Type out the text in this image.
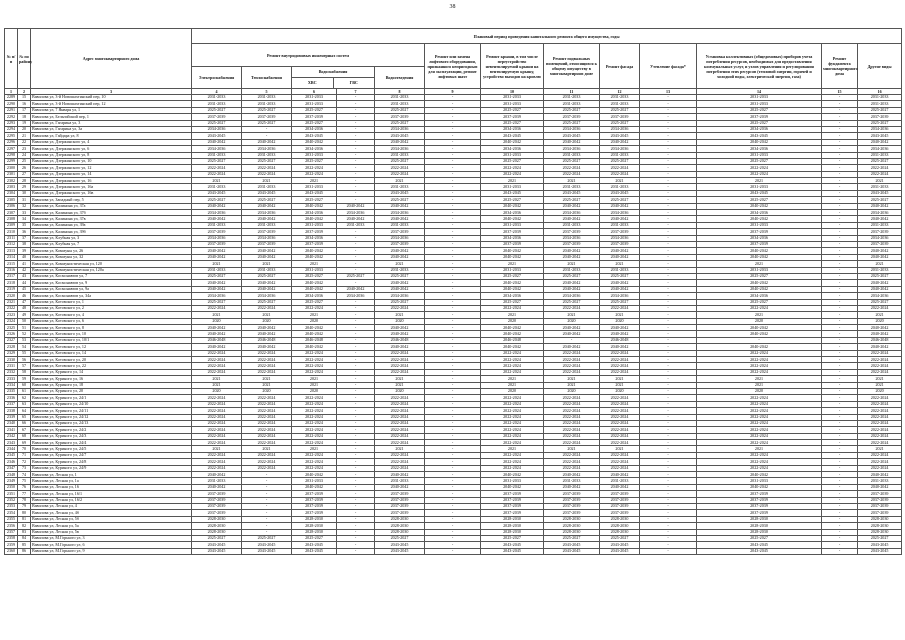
38
№ п/п	№ по району	Адрес многоквартирного дома	Плановый период проведения капитального ремонта общего имущества, годы												
			Ремонт внутридомовых инженерных систем					Ремонт или замена лифтового оборудования, признанного непригодным для эксплуатации, ремонт лифтовых шахт	Ремонт крыши, в том числе переустройство невентилируемой крыши на вентилируемую крышу, устройство выходов на кровлю	Ремонт подвальных помещений, относящихся к общему имуществу в многоквартирном доме	Ремонт фасада	Утепление фасада*	Установка коллективных (общедомовых) приборов учета потребления ресурсов, необходимых для предоставления коммунальных услуг, и узлов управления и регулирования потребления этих ресурсов (тепловой энергии, горячей и холодной воды, электрической энергии, газа)	Ремонт фундамента многоквартирного дома	Другие виды
			Электроснабжения	Теплоснабжения	Водоснабжения
ХВС ГВС		Водоотведения								
1	2	3	4	5	6	7	8	9	10	11	12	13	14	15	16
2289	15	Вавилова ул, 3-й Новошахтинский пер, 10	2031-2033	2031-2033	2031-2033	-	2031-2033	-	2031-2033	2031-2033	2031-2033	-	2031-2033	-	2031-2033
2290	16	Вавилова ул, 3-й Новошахтинский пер, 12	2031-2033	2031-2033	2031-2033	-	2031-2033	-	2031-2033	2031-2033	2031-2033	-	2031-2033	-	2031-2033
2291	17	Вавилова ул, 7 Января ул, 1	2025-2027	2025-2027	2025-2027	-	2025-2027	-	2025-2027	2025-2027	2025-2027	-	2025-2027	-	2025-2027
2292	18	Вавилова ул, Бельгийский пер, 1	2037-2039	2037-2039	2037-2039	-	2037-2039	-	2037-2039	2037-2039	2037-2039	-	2037-2039	-	2037-2039
2293	19	Вавилова ул, Гагарина ул, 3	2025-2027	2025-2027	2025-2027	-	2025-2027	-	2025-2027	2025-2027	2025-2027	-	2025-2027	-	2025-2027
2294	20	Вавилова ул, Гагарина ул, 3а	2034-2036	-	2034-2036	-	2034-2036	-	2034-2036	2034-2036	2034-2036	-	2034-2036	-	2034-2036
2295	21	Вавилова ул, Гайдара ул, 8	2043-2045	-	2043-2045	-	2043-2045	-	2043-2045	2043-2045	2043-2045	-	2043-2045	-	2043-2045
2296	22	Вавилова ул, Дзержинского ул, 4	2040-2042	2040-2042	2040-2042	-	2040-2042	-	2040-2042	2040-2042	2040-2042	-	2040-2042	-	2040-2042
2297	23	Вавилова ул, Дзержинского ул, 6	2034-2036	2034-2036	2034-2036	-	2034-2036	-	2034-2036	2034-2036	2034-2036	-	2034-2036	-	2034-2036
2298	24	Вавилова ул, Дзержинского ул, 8	2031-2033	2031-2033	2031-2033	-	2031-2033	-	2031-2033	2031-2033	2031-2033	-	2031-2033	-	2031-2033
2299	25	Вавилова ул, Дзержинского ул, 10	2025-2027	2025-2027	2025-2027	-	2025-2027	-	2025-2027	2025-2027	2025-2027	-	2025-2027	-	2025-2027
2300	26	Вавилова ул, Дзержинского ул, 12	2022-2024	2022-2024	2022-2024	-	2022-2024	-	2022-2024	2022-2024	2022-2024	-	2022-2024	-	2022-2024
2301	27	Вавилова ул, Дзержинского ул, 14	2022-2024	2022-2024	2022-2024	-	2022-2024	-	2022-2024	2022-2024	2022-2024	-	2022-2024	-	2022-2024
2302	28	Вавилова ул, Дзержинского ул, 16	2021	2021	2021	-	2021	-	2021	2021	2021	-	2021	-	2021
2303	29	Вавилова ул, Дзержинского ул, 16а	2031-2033	2031-2033	2031-2033	-	2031-2033	-	2031-2033	2031-2033	2031-2033	-	2031-2033	-	2031-2033
2304	30	Вавилова ул, Дзержинского ул, 16в	2043-2045	2043-2045	2043-2045	-	2043-2045	-	2043-2045	2043-2045	2043-2045	-	2043-2045	-	2043-2045
2305	31	Вавилова ул, Западный пер, 5	2025-2027	2025-2027	2025-2027	-	2025-2027	-	2025-2027	2025-2027	2025-2027	-	2025-2027	-	2025-2027
2306	32	Вавилова ул, Калинина ул, 37а	2040-2042	2040-2042	2040-2042	2040-2042	2040-2042	-	2040-2042	2040-2042	2040-2042	-	2040-2042	-	2040-2042
2307	33	Вавилова ул, Калинина ул, 37б	2034-2036	2034-2036	2034-2036	2034-2036	2034-2036	-	2034-2036	2034-2036	2034-2036	-	2034-2036	-	2034-2036
2308	34	Вавилова ул, Калинина ул, 37в	2040-2042	2040-2042	2040-2042	2040-2042	2040-2042	-	2040-2042	2040-2042	2040-2042	-	2040-2042	-	2040-2042
2309	35	Вавилова ул, Калинина ул, 39а	2031-2033	2031-2033	2031-2033	2031-2033	2031-2033	-	2031-2033	2031-2033	2031-2033	-	2031-2033	-	2031-2033
2310	36	Вавилова ул, Калинина ул, 39б	2037-2039	2037-2039	2037-2039	-	2037-2039	-	2037-2039	2037-2039	2037-2039	-	2037-2039	-	2037-2039
2311	37	Вавилова ул, Клубная ул, 3	2034-2036	2034-2036	2034-2036	-	2034-2036	-	2034-2036	2034-2036	2034-2036	-	2034-2036	-	2034-2036
2312	38	Вавилова ул, Клубная ул, 7	2037-2039	2037-2039	2037-2039	-	2037-2039	-	2037-2039	2037-2039	2037-2039	-	2037-2039	-	2037-2039
2313	39	Вавилова ул, Коммуны ул, 26	2040-2042	2040-2042	2040-2042	-	2040-2042	-	2040-2042	2040-2042	2040-2042	-	2040-2042	-	2040-2042
2314	40	Вавилова ул, Коммуны ул, 32	2040-2042	2040-2042	2040-2042	-	2040-2042	-	2040-2042	2040-2042	2040-2042	-	2040-2042	-	2040-2042
2315	41	Вавилова ул, Коммунистическая ул, 120	2021	2021	2021	-	2021	-	2021	2021	2021	-	2021	-	2021
2316	42	Вавилова ул, Коммунистическая ул, 120а	2031-2033	2031-2033	2031-2033	-	2031-2033	-	2031-2033	2031-2033	2031-2033	-	2031-2033	-	2031-2033
2317	43	Вавилова ул, Космонавтов ул, 7	2025-2027	2025-2027	2025-2027	2025-2027	2025-2027	-	2025-2027	2025-2027	2025-2027	-	2025-2027	-	2025-2027
2318	44	Вавилова ул, Космонавтов ул, 9	2040-2042	2040-2042	2040-2042	-	2040-2042	-	2040-2042	2040-2042	2040-2042	-	2040-2042	-	2040-2042
2319	45	Вавилова ул, Космонавтов ул, 9а	2040-2042	2040-2042	2040-2042	2040-2042	2040-2042	-	2040-2042	2040-2042	2040-2042	-	2040-2042	-	2040-2042
2320	46	Вавилова ул, Космонавтов ул, 34а	2034-2036	2034-2036	2034-2036	2034-2036	2034-2036	-	2034-2036	2034-2036	2034-2036	-	2034-2036	-	2034-2036
2321	47	Вавилова ул, Котовского ул, 1	2025-2027	2025-2027	2025-2027	-	2025-2027	-	2025-2027	2025-2027	2025-2027	-	2025-2027	-	2025-2027
2322	48	Вавилова ул, Котовского ул, 2	2022-2024	2022-2024	2022-2024	-	2022-2024	-	2022-2024	2022-2024	2022-2024	-	2022-2024	-	2022-2024
2323	49	Вавилова ул, Котовского ул, 4	2021	2021	2021	-	2021	-	2021	2021	2021	-	2021	-	2021
2324	50	Вавилова ул, Котовского ул, 6	2020	2020	2020	-	2020	-	2020	2020	2020	-	2020	-	2020
2325	51	Вавилова ул, Котовского ул, 8	2040-2042	2040-2042	2040-2042	-	2040-2042	-	2040-2042	2040-2042	2040-2042	-	2040-2042	-	2040-2042
2326	52	Вавилова ул, Котовского ул, 10	2040-2042	2040-2042	2040-2042	-	2040-2042	-	2040-2042	2040-2042	2040-2042	-	2040-2042	-	2040-2042
2327	53	Вавилова ул, Котовского ул, 10/1	2046-2048	2046-2048	2046-2048	-	2046-2048	-	2046-2048	-	2046-2048	-	-	-	2046-2048
2328	54	Вавилова ул, Котовского ул, 12	2040-2042	2040-2042	2040-2042	-	2040-2042	-	2040-2042	2040-2042	2040-2042	-	2040-2042	-	2040-2042
2329	55	Вавилова ул, Котовского ул, 14	2022-2024	2022-2024	2022-2024	-	2022-2024	-	2022-2024	2022-2024	2022-2024	-	2022-2024	-	2022-2024
2330	56	Вавилова ул, Котовского ул, 20	2022-2024	2022-2024	2022-2024	-	2022-2024	-	2022-2024	2022-2024	2022-2024	-	2022-2024	-	2022-2024
2331	57	Вавилова ул, Котовского ул, 22	2022-2024	2022-2024	2022-2024	-	2022-2024	-	2022-2024	2022-2024	2022-2024	-	2022-2024	-	2022-2024
2332	58	Вавилова ул, Куриного ул, 14	2022-2024	2022-2024	2022-2024	-	2022-2024	-	2022-2024	2022-2024	2022-2024	-	2022-2024	-	2022-2024
2333	59	Вавилова ул, Куриного ул, 16	2021	2021	2021	-	2021	-	2021	2021	2021	-	2021	-	2021
2334	60	Вавилова ул, Куриного ул, 18	2021	2021	2021	-	2021	-	2021	2021	2021	-	2021	-	2021
2335	61	Вавилова ул, Куриного ул, 20	2020	2020	2020	-	2020	-	2020	2020	2020	-	2020	-	2020
2336	62	Вавилова ул, Куриного ул, 24/1	2022-2024	2022-2024	2022-2024	-	2022-2024	-	2022-2024	2022-2024	2022-2024	-	2022-2024	-	2022-2024
2337	63	Вавилова ул, Куриного ул, 24/10	2022-2024	2022-2024	2022-2024	-	2022-2024	-	2022-2024	2022-2024	2022-2024	-	2022-2024	-	2022-2024
2338	64	Вавилова ул, Куриного ул, 24/11	2022-2024	2022-2024	2022-2024	-	2022-2024	-	2022-2024	2022-2024	2022-2024	-	2022-2024	-	2022-2024
2339	65	Вавилова ул, Куриного ул, 24/12	2022-2024	2022-2024	2022-2024	-	2022-2024	-	2022-2024	2022-2024	2022-2024	-	2022-2024	-	2022-2024
2340	66	Вавилова ул, Куриного ул, 24/13	2022-2024	2022-2024	2022-2024	-	2022-2024	-	2022-2024	2022-2024	2022-2024	-	2022-2024	-	2022-2024
2341	67	Вавилова ул, Куриного ул, 24/2	2022-2024	2022-2024	2022-2024	-	2022-2024	-	2022-2024	2022-2024	2022-2024	-	2022-2024	-	2022-2024
2342	68	Вавилова ул, Куриного ул, 24/3	2022-2024	2022-2024	2022-2024	-	2022-2024	-	2022-2024	2022-2024	2022-2024	-	2022-2024	-	2022-2024
2343	69	Вавилова ул, Куриного ул, 24/4	2022-2024	2022-2024	2022-2024	-	2022-2024	-	2022-2024	2022-2024	2022-2024	-	2022-2024	-	2022-2024
2344	70	Вавилова ул, Куриного ул, 24/5	2021	2021	2021	-	2021	-	2021	2021	2021	-	2021	-	2021
2345	71	Вавилова ул, Куриного ул, 24/7	2022-2024	2022-2024	2022-2024	-	2022-2024	-	2022-2024	2022-2024	2022-2024	-	2022-2024	-	2022-2024
2346	72	Вавилова ул, Куриного ул, 24/8	2022-2024	2022-2024	2022-2024	-	2022-2024	-	2022-2024	2022-2024	2022-2024	-	2022-2024	-	2022-2024
2347	73	Вавилова ул, Куриного ул, 24/9	2022-2024	2022-2024	2022-2024	-	2022-2024	-	2022-2024	2022-2024	2022-2024	-	2022-2024	-	2022-2024
2348	74	Вавилова ул, Лесная ул, 1	2040-2042	-	2040-2042	-	2040-2042	-	2040-2042	2040-2042	2040-2042	-	2040-2042	-	2040-2042
2349	75	Вавилова ул, Лесная ул, 1а	2031-2033	-	2031-2033	-	2031-2033	-	2031-2033	2031-2033	2031-2033	-	2031-2033	-	2031-2033
2350	76	Вавилова ул, Лесная ул, 16	2040-2042	-	2040-2042	-	2040-2042	-	2040-2042	2040-2042	2040-2042	-	2040-2042	-	2040-2042
2351	77	Вавилова ул, Лесная ул, 16/1	2037-2039	-	2037-2039	-	2037-2039	-	2037-2039	2037-2039	2037-2039	-	2037-2039	-	2037-2039
2352	78	Вавилова ул, Лесная ул, 16/2	2037-2039	-	2037-2039	-	2037-2039	-	2037-2039	2037-2039	2037-2039	-	2037-2039	-	2037-2039
2353	79	Вавилова ул, Лесная ул, 4	2037-2039	-	2037-2039	-	2037-2039	-	2037-2039	2037-2039	2037-2039	-	2037-2039	-	2037-2039
2354	80	Вавилова ул, Лесная ул, 4б	2037-2039	-	2037-2039	-	2037-2039	-	2037-2039	2037-2039	2037-2039	-	2037-2039	-	2037-2039
2355	81	Вавилова ул, Лесная ул, 5б	2028-2030	-	2028-2030	-	2028-2030	-	2028-2030	2028-2030	2028-2030	-	2028-2030	-	2028-2030
2356	82	Вавилова ул, Лесная ул, 5а	2028-2030	-	2028-2030	-	2028-2030	-	2028-2030	2028-2030	2028-2030	-	2028-2030	-	2028-2030
2357	83	Вавилова ул, Лесная ул, 5в	2028-2030	-	2028-2030	-	2028-2030	-	2028-2030	2028-2030	2028-2030	-	2028-2030	-	2028-2030
2358	84	Вавилова ул, М.Горького ул, 3	2025-2027	2025-2027	2025-2027	-	2025-2027	-	2025-2027	2025-2027	2025-2027	-	2025-2027	-	2025-2027
2359	85	Вавилова ул, М.Горького ул, 6	2043-2045	2043-2045	2043-2045	-	2043-2045	-	2043-2045	2043-2045	2043-2045	-	2043-2045	-	2043-2045
2360	86	Вавилова ул, М.Горького ул, 9	2043-2045	2043-2045	2043-2045	-	2043-2045	-	2043-2045	2043-2045	2043-2045	-	2043-2045	-	2043-2045
